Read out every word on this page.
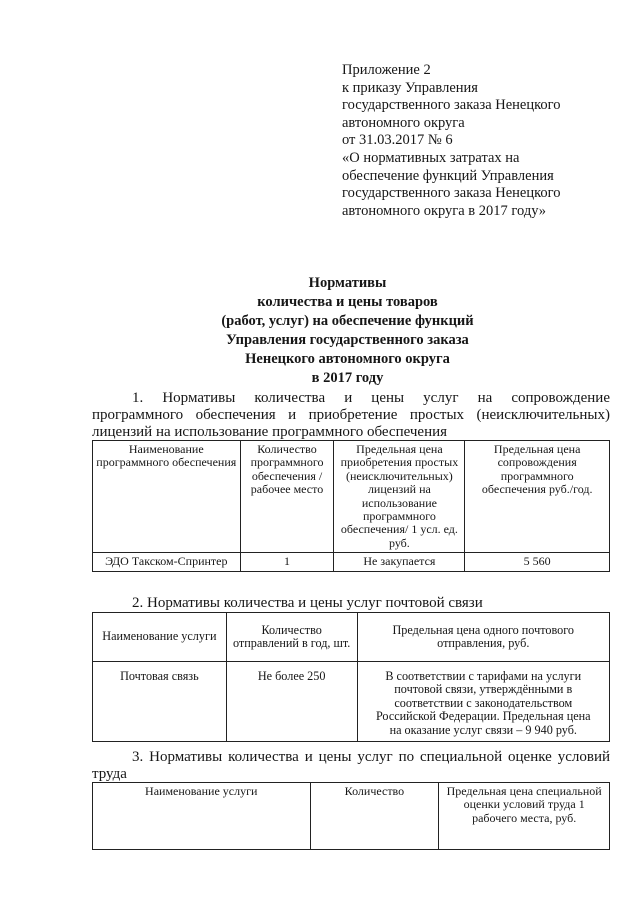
Приложение 2
к приказу Управления
государственного заказа Ненецкого
автономного округа
от 31.03.2017 № 6
«О нормативных затратах на
обеспечение функций Управления
государственного заказа Ненецкого
автономного округа в 2017 году»
Нормативы
количества и цены товаров
(работ, услуг) на обеспечение функций
Управления государственного заказа
Ненецкого автономного округа
в 2017 году
1. Нормативы количества и цены услуг на сопровождение
программного обеспечения и приобретение простых (неисключительных)
лицензий на использование программного обеспечения
Наименование программного обеспечения	Количество программного обеспечения /рабочее место	Предельная цена приобретения простых (неисключительных) лицензий на использование программного обеспечения/ 1 усл. ед. руб.	Предельная цена сопровождения программного обеспечения руб./год.
ЭДО Такском-Спринтер	1	Не закупается	5 560
2. Нормативы количества и цены услуг почтовой связи
Наименование услуги	Количество отправлений в год, шт.	Предельная цена одного почтового отправления, руб.
Почтовая связь	Не более 250	В соответствии с тарифами на услуги почтовой связи, утверждёнными в соответствии с законодательством Российской Федерации. Предельная цена на оказание услуг связи – 9 940 руб.
3. Нормативы количества и цены услуг по специальной оценке условий труда
Наименование услуги	Количество	Предельная цена специальной оценки условий труда 1 рабочего места, руб.
